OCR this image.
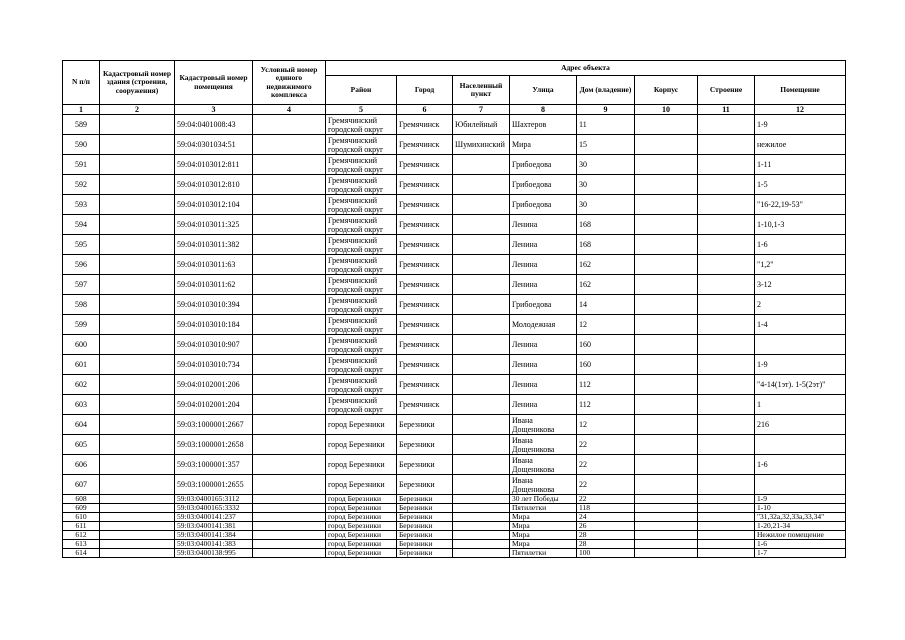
N п/п	Кадастровый номер здания (строения, сооружения)	Кадастровый номер помещения	Условный номер единого недвижимого комплекса	Адрес объекта							
				Район	Город	Населенный пункт	Улица	Дом (владение)	Корпус	Строение	Помещение
1	2	3	4	5	6	7	8	9	10	11	12
589		59:04:0401008:43		Гремячинский городской округ	Гремячинск	Юбилейный	Шахтеров	11			1-9
590		59:04:0301034:51		Гремячинский городской округ	Гремячинск	Шумихинский	Мира	15			нежилое
591		59:04:0103012:811		Гремячинский городской округ	Гремячинск		Грибоедова	30			1-11
592		59:04:0103012:810		Гремячинский городской округ	Гремячинск		Грибоедова	30			1-5
593		59:04:0103012:104		Гремячинский городской округ	Гремячинск		Грибоедова	30			"16-22,19-53"
594		59:04:0103011:325		Гремячинский городской округ	Гремячинск		Ленина	168			1-10,1-3
595		59:04:0103011:382		Гремячинский городской округ	Гремячинск		Ленина	168			1-6
596		59:04:0103011:63		Гремячинский городской округ	Гремячинск		Ленина	162			"1,2"
597		59:04:0103011:62		Гремячинский городской округ	Гремячинск		Ленина	162			3-12
598		59:04:0103010:394		Гремячинский городской округ	Гремячинск		Грибоедова	14			2
599		59:04:0103010:184		Гремячинский городской округ	Гремячинск		Молодежная	12			1-4
600		59:04:0103010:907		Гремячинский городской округ	Гремячинск		Ленина	160			
601		59:04:0103010:734		Гремячинский городской округ	Гремячинск		Ленина	160			1-9
602		59:04:0102001:206		Гремячинский городской округ	Гремячинск		Ленина	112			"4-14(1эт). 1-5(2эт)"
603		59:04:0102001:204		Гремячинский городской округ	Гремячинск		Ленина	112			1
604		59:03:1000001:2667		город Березники	Березники		Ивана Дощеникова	12			216
605		59:03:1000001:2658		город Березники	Березники		Ивана Дощеникова	22			
606		59:03:1000001:357		город Березники	Березники		Ивана Дощеникова	22			1-6
607		59:03:1000001:2655		город Березники	Березники		Ивана Дощеникова	22			
608		59:03:0400165:3112		город Березники	Березники		30 лет Победы	22			1-9
609		59:03:0400165:3332		город Березники	Березники		Пятилетки	118			1-10
610		59:03:0400141:237		город Березники	Березники		Мира	24			"31,32a,32,33a,33,34"
611		59:03:0400141:381		город Березники	Березники		Мира	26			1-20,21-34
612		59:03:0400141:384		город Березники	Березники		Мира	28			Нежилое помещение
613		59:03:0400141:383		город Березники	Березники		Мира	28			1-6
614		59:03:0400138:995		город Березники	Березники		Пятилетки	100			1-7
